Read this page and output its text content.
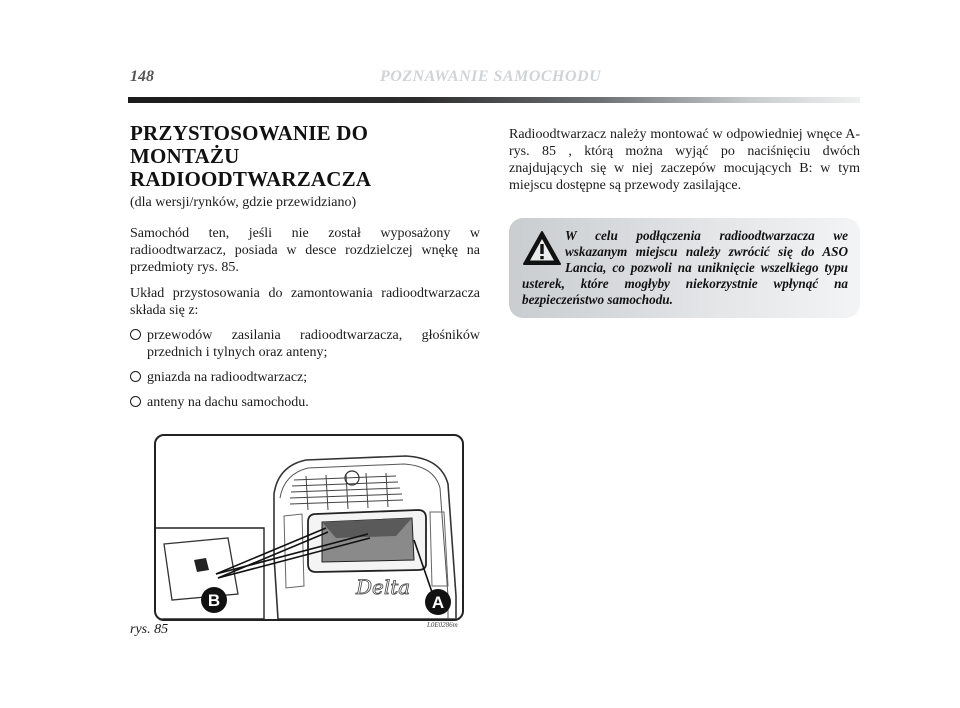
148	POZNAWANIE SAMOCHODU
PRZYSTOSOWANIE DO MONTAŻU RADIOODTWARZACZA
(dla wersji/rynków, gdzie przewidziano)

Samochód ten, jeśli nie został wyposażony w radioodtwarzacz, posiada w desce rozdzielczej wnękę na przedmioty rys. 85.

Układ przystosowania do zamontowania radioodtwarzacza składa się z:

przewodów zasilania radioodtwarzacza, głośników przednich i tylnych oraz anteny;
gniazda na radioodtwarzacz;
anteny na dachu samochodu.

Radioodtwarzacz należy montować w odpowiedniej wnęce A-rys. 85 , którą można wyjąć po naciśnięciu dwóch znajdujących się w niej zaczepów mocujących B: w tym miejscu dostępne są przewody zasilające.

W celu podłączenia radioodtwarzacza we wskazanym miejscu należy zwrócić się do ASO Lancia, co pozwoli na uniknięcie wszelkiego typu usterek, które mogłyby niekorzystnie wpłynąć na bezpieczeństwo samochodu.
Delta
B	A
rys. 85	L0E0286m
